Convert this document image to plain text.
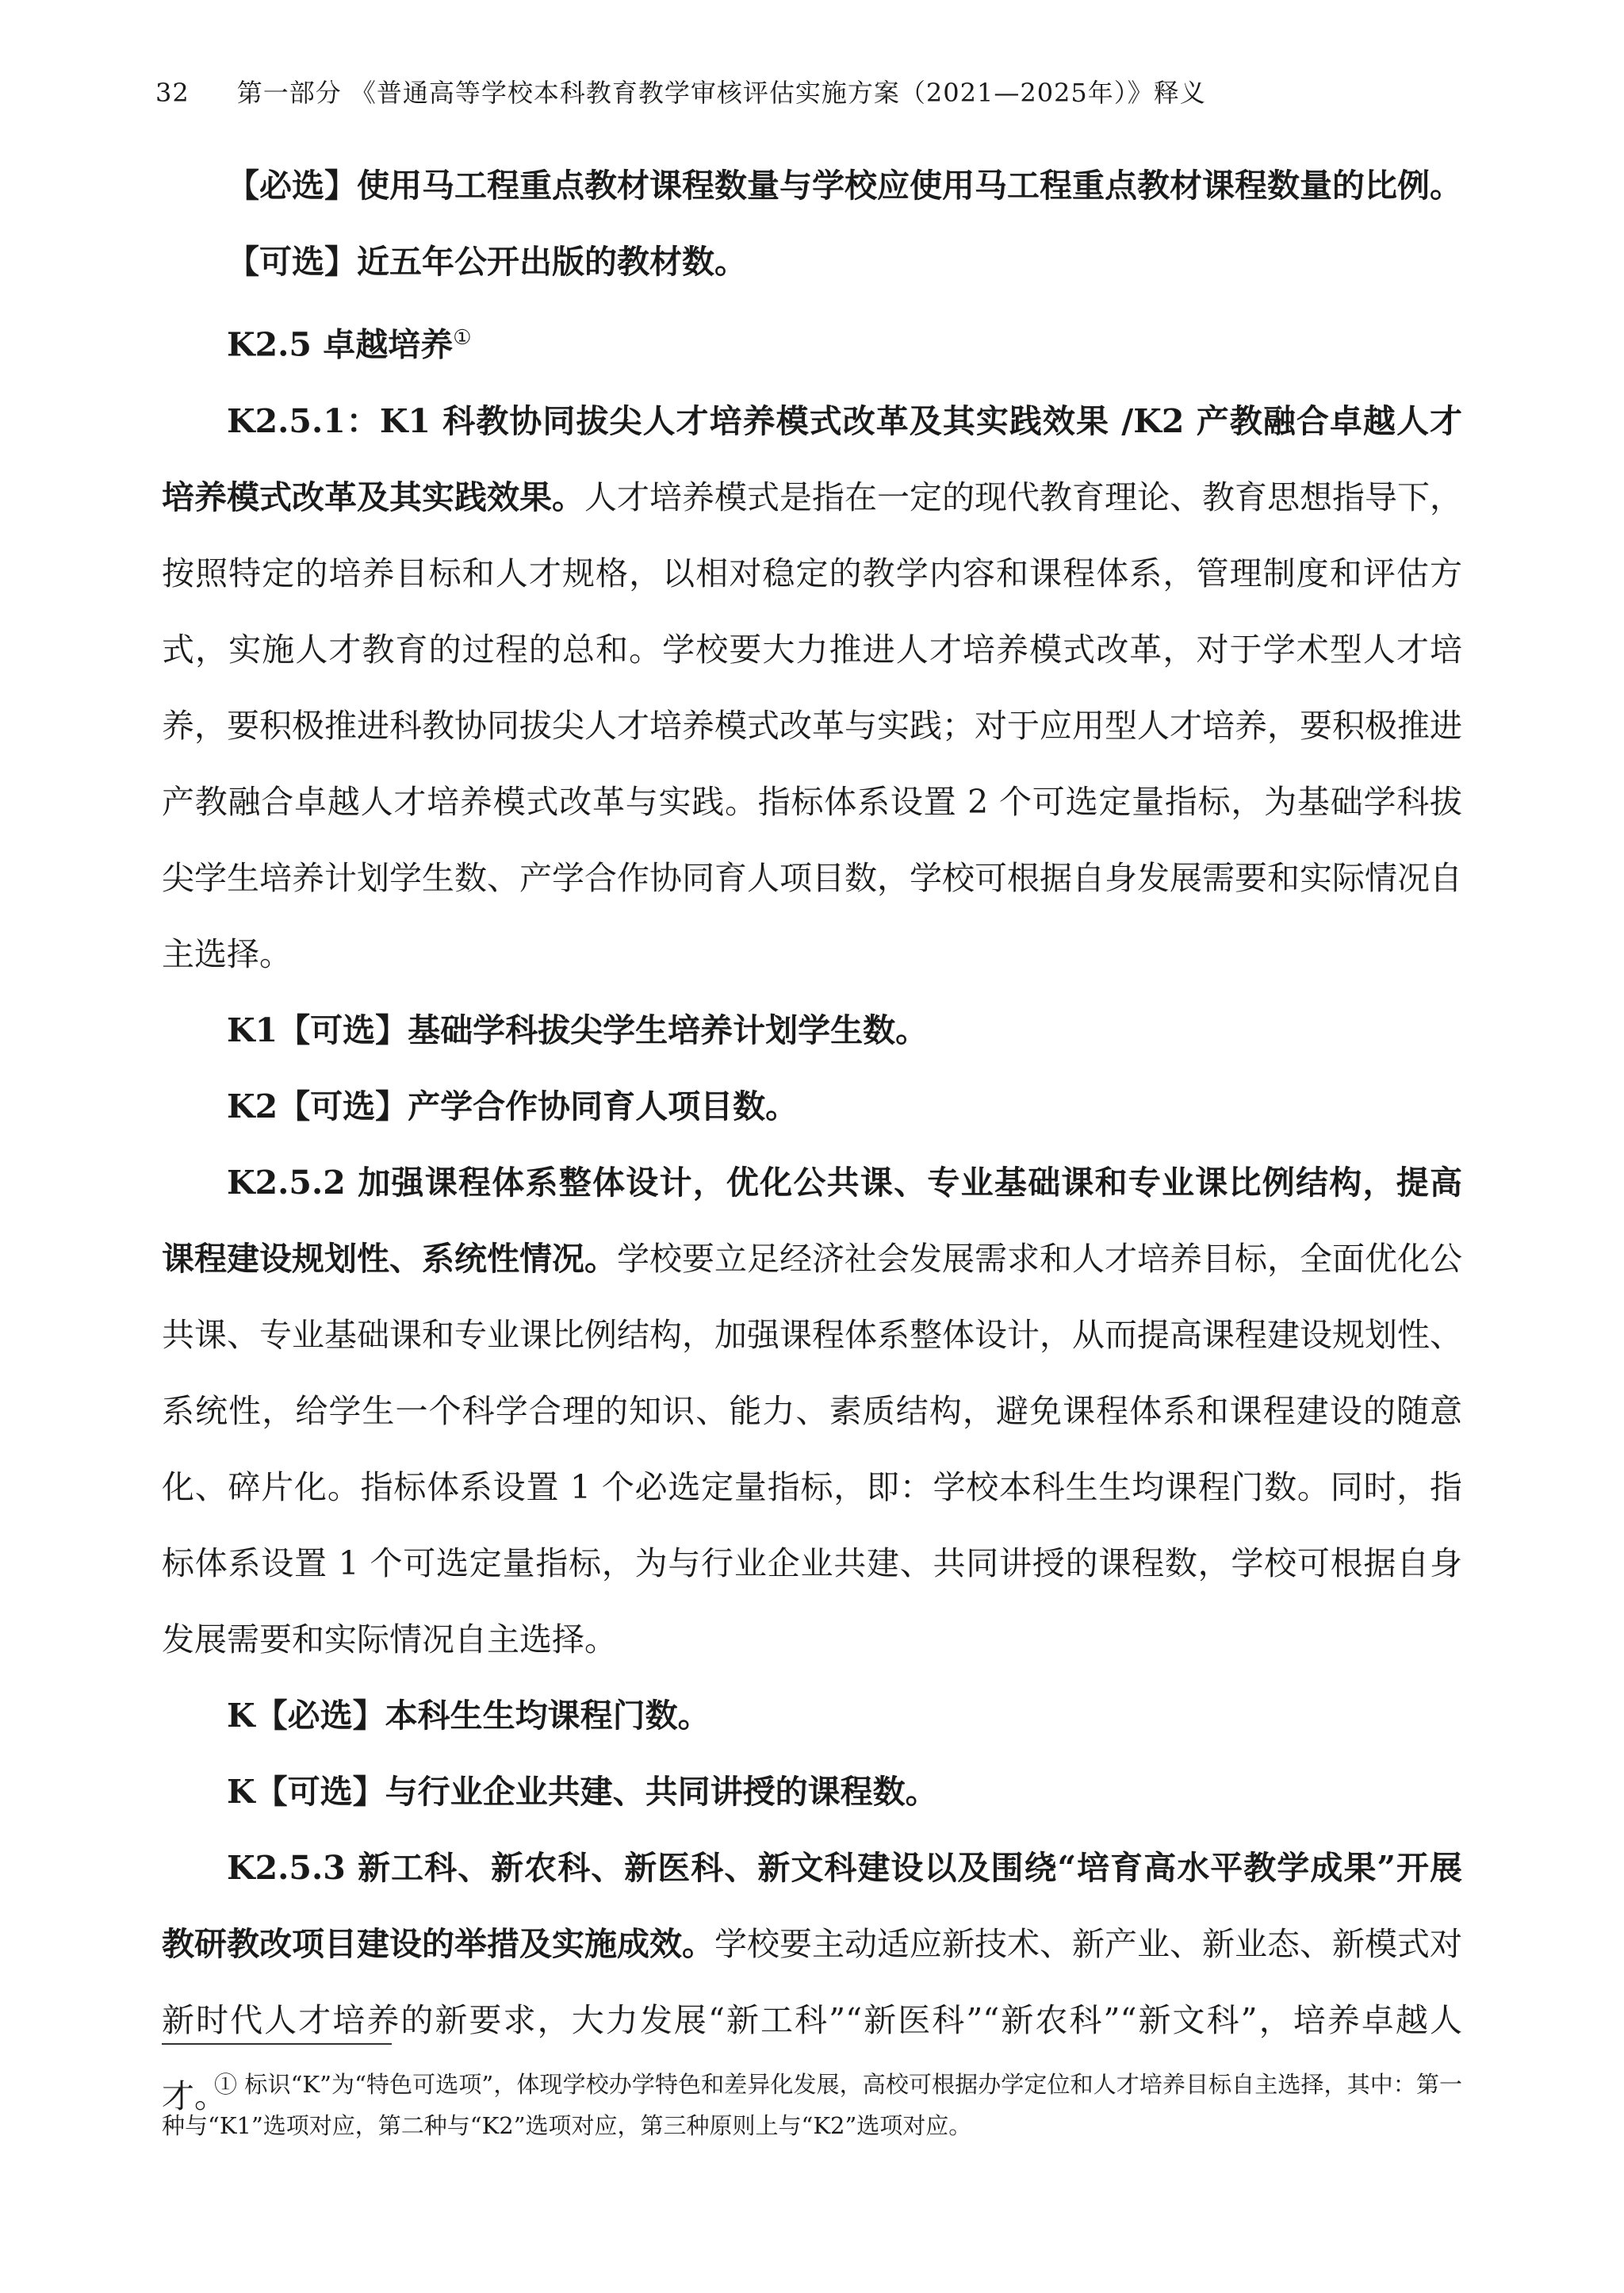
32 第一部分 《普通高等学校本科教育教学审核评估实施方案（2021—2025年）》释义

【必选】使用马工程重点教材课程数量与学校应使用马工程重点教材课程数量的比例。

【可选】近五年公开出版的教材数。

K2.5 卓越培养①

K2.5.1：K1 科教协同拔尖人才培养模式改革及其实践效果 /K2 产教融合卓越人才培养模式改革及其实践效果。人才培养模式是指在一定的现代教育理论、教育思想指导下，按照特定的培养目标和人才规格，以相对稳定的教学内容和课程体系，管理制度和评估方式，实施人才教育的过程的总和。学校要大力推进人才培养模式改革，对于学术型人才培养，要积极推进科教协同拔尖人才培养模式改革与实践；对于应用型人才培养，要积极推进产教融合卓越人才培养模式改革与实践。指标体系设置 2 个可选定量指标，为基础学科拔尖学生培养计划学生数、产学合作协同育人项目数，学校可根据自身发展需要和实际情况自主选择。

K1【可选】基础学科拔尖学生培养计划学生数。

K2【可选】产学合作协同育人项目数。

K2.5.2 加强课程体系整体设计，优化公共课、专业基础课和专业课比例结构，提高课程建设规划性、系统性情况。学校要立足经济社会发展需求和人才培养目标，全面优化公共课、专业基础课和专业课比例结构，加强课程体系整体设计，从而提高课程建设规划性、系统性，给学生一个科学合理的知识、能力、素质结构，避免课程体系和课程建设的随意化、碎片化。指标体系设置 1 个必选定量指标，即：学校本科生生均课程门数。同时，指标体系设置 1 个可选定量指标，为与行业企业共建、共同讲授的课程数，学校可根据自身发展需要和实际情况自主选择。

K【必选】本科生生均课程门数。

K【可选】与行业企业共建、共同讲授的课程数。

K2.5.3 新工科、新农科、新医科、新文科建设以及围绕“培育高水平教学成果”开展教研教改项目建设的举措及实施成效。学校要主动适应新技术、新产业、新业态、新模式对新时代人才培养的新要求，大力发展“新工科”“新医科”“新农科”“新文科”，培养卓越人才。

① 标识“K”为“特色可选项”，体现学校办学特色和差异化发展，高校可根据办学定位和人才培养目标自主选择，其中：第一种与“K1”选项对应，第二种与“K2”选项对应，第三种原则上与“K2”选项对应。
